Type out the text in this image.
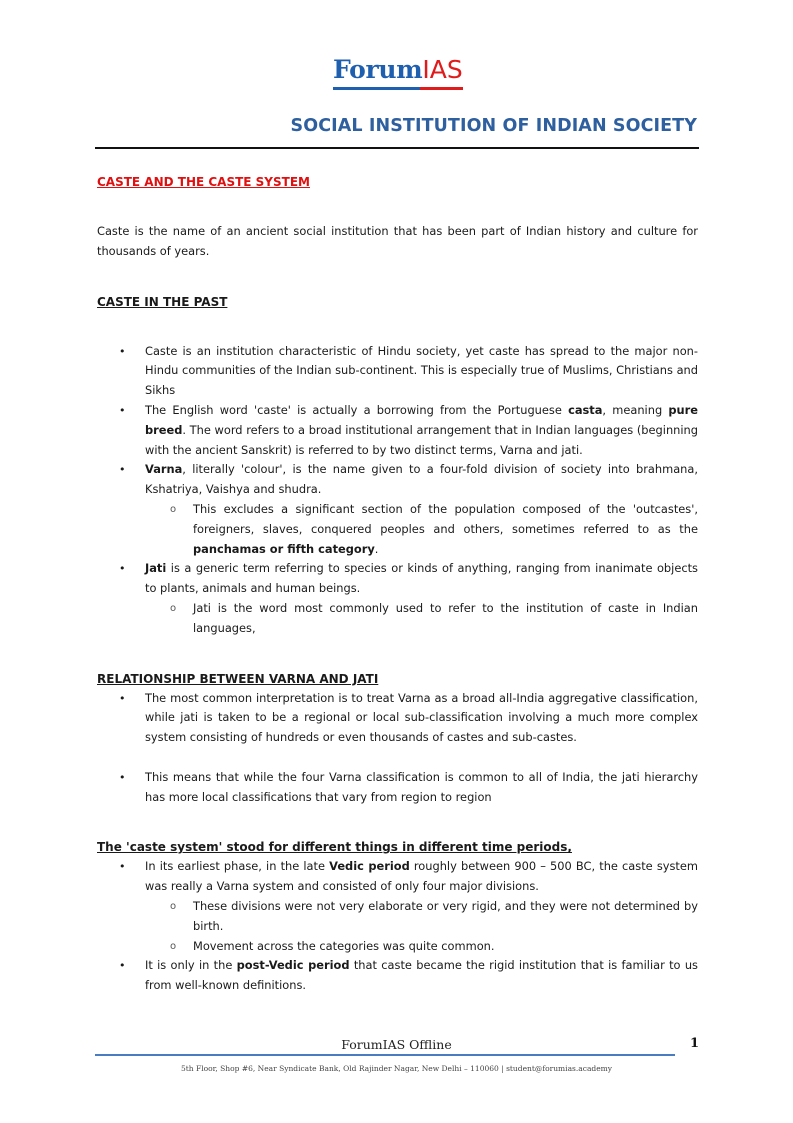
ForumIAS
SOCIAL INSTITUTION OF INDIAN SOCIETY
CASTE AND THE CASTE SYSTEM

Caste is the name of an ancient social institution that has been part of Indian history and culture for thousands of years.

CASTE IN THE PAST
• Caste is an institution characteristic of Hindu society, yet caste has spread to the major non-Hindu communities of the Indian sub-continent. This is especially true of Muslims, Christians and Sikhs
• The English word 'caste' is actually a borrowing from the Portuguese casta, meaning pure breed. The word refers to a broad institutional arrangement that in Indian languages (beginning with the ancient Sanskrit) is referred to by two distinct terms, Varna and jati.
• Varna, literally 'colour', is the name given to a four-fold division of society into brahmana, Kshatriya, Vaishya and shudra.
o This excludes a significant section of the population composed of the 'outcastes', foreigners, slaves, conquered peoples and others, sometimes referred to as the panchamas or fifth category.
• Jati is a generic term referring to species or kinds of anything, ranging from inanimate objects to plants, animals and human beings.
o Jati is the word most commonly used to refer to the institution of caste in Indian languages,
RELATIONSHIP BETWEEN VARNA AND JATI
• The most common interpretation is to treat Varna as a broad all-India aggregative classification, while jati is taken to be a regional or local sub-classification involving a much more complex system consisting of hundreds or even thousands of castes and sub-castes.
• This means that while the four Varna classification is common to all of India, the jati hierarchy has more local classifications that vary from region to region
The 'caste system' stood for different things in different time periods,
• In its earliest phase, in the late Vedic period roughly between 900 – 500 BC, the caste system was really a Varna system and consisted of only four major divisions.
o These divisions were not very elaborate or very rigid, and they were not determined by birth.
o Movement across the categories was quite common.
• It is only in the post-Vedic period that caste became the rigid institution that is familiar to us from well-known definitions.
ForumIAS Offline	1
5th Floor, Shop #6, Near Syndicate Bank, Old Rajinder Nagar, New Delhi – 110060 | student@forumias.academy
